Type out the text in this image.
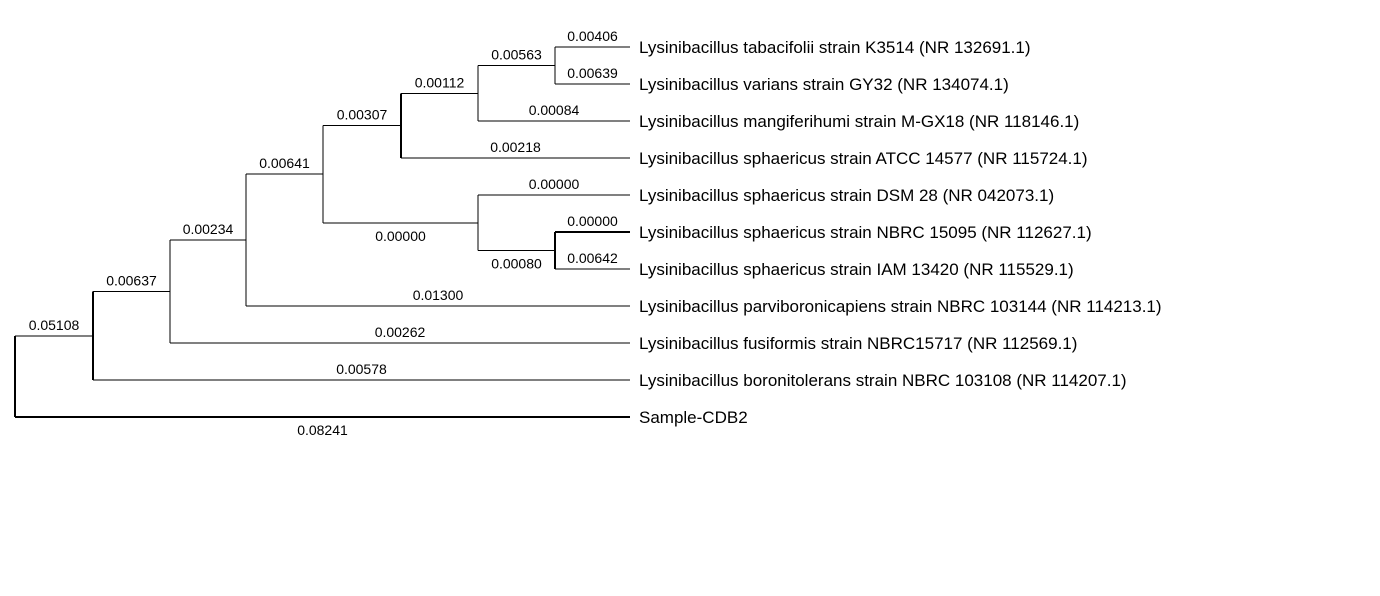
0.05108
0.00637
0.00234
0.00641
0.00307
0.00112
0.00563
0.00406
Lysinibacillus tabacifolii strain K3514 (NR 132691.1)
0.00639
Lysinibacillus varians strain GY32 (NR 134074.1)
0.00084
Lysinibacillus mangiferihumi strain M-GX18 (NR 118146.1)
0.00218
Lysinibacillus sphaericus strain ATCC 14577 (NR 115724.1)
0.00000
0.00000
Lysinibacillus sphaericus strain DSM 28 (NR 042073.1)
0.00080
0.00000
Lysinibacillus sphaericus strain NBRC 15095 (NR 112627.1)
0.00642
Lysinibacillus sphaericus strain IAM 13420 (NR 115529.1)
0.01300
Lysinibacillus parviboronicapiens strain NBRC 103144 (NR 114213.1)
0.00262
Lysinibacillus fusiformis strain NBRC15717 (NR 112569.1)
0.00578
Lysinibacillus boronitolerans strain NBRC 103108 (NR 114207.1)
0.08241
Sample-CDB2
